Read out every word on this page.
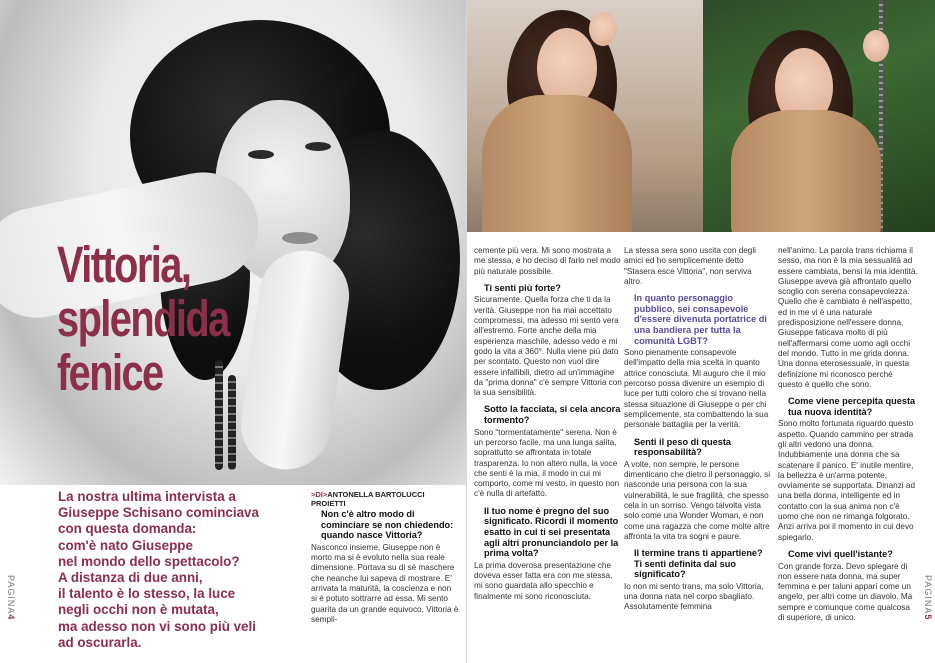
Vittoria,
splendida
fenice
La nostra ultima intervista a
Giuseppe Schisano cominciava
con questa domanda:
com'è nato Giuseppe
nel mondo dello spettacolo?
A distanza di due anni,
il talento è lo stesso, la luce
negli occhi non è mutata,
ma adesso non vi sono più veli
ad oscurarla.
>DI>ANTONELLA BARTOLUCCI PROIETTI

Non c'è altro modo di cominciare se non chiedendo: quando nasce Vittoria?

Nasconco insieme, Giuseppe non è morto ma si è evoluto nella sua reale dimensione. Portava su di sé maschere che neanche lui sapeva di mostrare. E' arrivata la maturità, la coscienza e non si è potuto sottrarre ad essa. Mi sento guarita da un grande equivoco, Vittoria è sempli-

PAGINA4

cemente più vera. Mi sono mostrata a me stessa, e ho deciso di farlo nel modo più naturale possibile.

Ti senti più forte?

Sicuramente. Quella forza che ti da la verità. Giuseppe non ha mai accettato compromessi, ma adesso mi sento vera all'estremo. Forte anche della mia esperienza maschile, adesso vedo e mi godo la vita a 360°. Nulla viene più dato per scontato. Questo non vuol dire essere infallibili, dietro ad un'immagine da "prima donna" c'è sempre Vittoria con la sua sensibilità.

Sotto la facciata, si cela ancora tormento?

Sono "tormentatamente" serena. Non è un percorso facile, ma una lunga salita, soprattutto se affrontata in totale trasparenza. Io non altero nulla, la voce che senti è la mia, il modo in cui mi comporto, come mi vesto, in questo non c'è nulla di artefatto.

Il tuo nome è pregno del suo significato. Ricordi il momento esatto in cui ti sei presentata agli altri pronunciandolo per la prima volta?

La prima doverosa presentazione che doveva esser fatta era con me stessa, mi sono guardata allo specchio e finalmente mi sono riconosciuta.

La stessa sera sono uscita con degli amici ed ho semplicemente detto "Stasera esce Vittoria", non serviva altro.

In quanto personaggio pubblico, sei consapevole d'essere divenuta portatrice di una bandiera per tutta la comunità LGBT?

Sono pienamente consapevole dell'impatto della mia scelta in quanto attrice conosciuta. Mi auguro che il mio percorso possa divenire un esempio di luce per tutti coloro che si trovano nella stessa situazione di Giuseppe o per chi semplicemente, sta combattendo la sua personale battaglia per la verità.

Senti il peso di questa responsabilità?

A volte, non sempre, le persone dimenticano che dietro il personaggio, si nasconde una persona con la sua vulnerabilità, le sue fragilità, che spesso cela in un sorriso. Vengo talvolta vista solo come una Wonder Woman, e non come una ragazza che come molte altre affronta la vita tra sogni e paure.

Il termine trans ti appartiene? Ti senti definita dal suo significato?

Io non mi sento trans, ma solo Vittoria, una donna nata nel corpo sbagliato. Assolutamente femmina

nell'animo. La parola trans richiama il sesso, ma non è la mia sessualità ad essere cambiata, bensì la mia identità. Giuseppe aveva già affrontato quello scoglio con serena consapevolezza. Quello che è cambiato è nell'aspetto, ed in me vi è una naturale predisposizione nell'essere donna, Giuseppe faticava molto di più nell'affermarsi come uomo agli occhi del mondo. Tutto in me grida donna.

Una donna eterosessuale, in questa definizione mi riconosco perché questo è quello che sono.

Come viene percepita questa tua nuova identità?

Sono molto fortunata riguardo questo aspetto. Quando cammino per strada gli altri vedono una donna. Indubbiamente una donna che sa scatenare il panico. E' inutile mentire, la bellezza è un'arma potente, ovviamente se supportata. Dinanzi ad una bella donna, intelligente ed in contatto con la sua anima non c'è uomo che non ne rimanga folgorato. Anzi arriva poi il momento in cui devo spiegarlo.

Come vivi quell'istante?

Con grande forza. Devo spiegare di non essere nata donna, ma super femmina e per taluni appari come un angelo, per altri come un diavolo. Ma sempre e comunque come qualcosa di superiore, di unico.

PAGINA5
